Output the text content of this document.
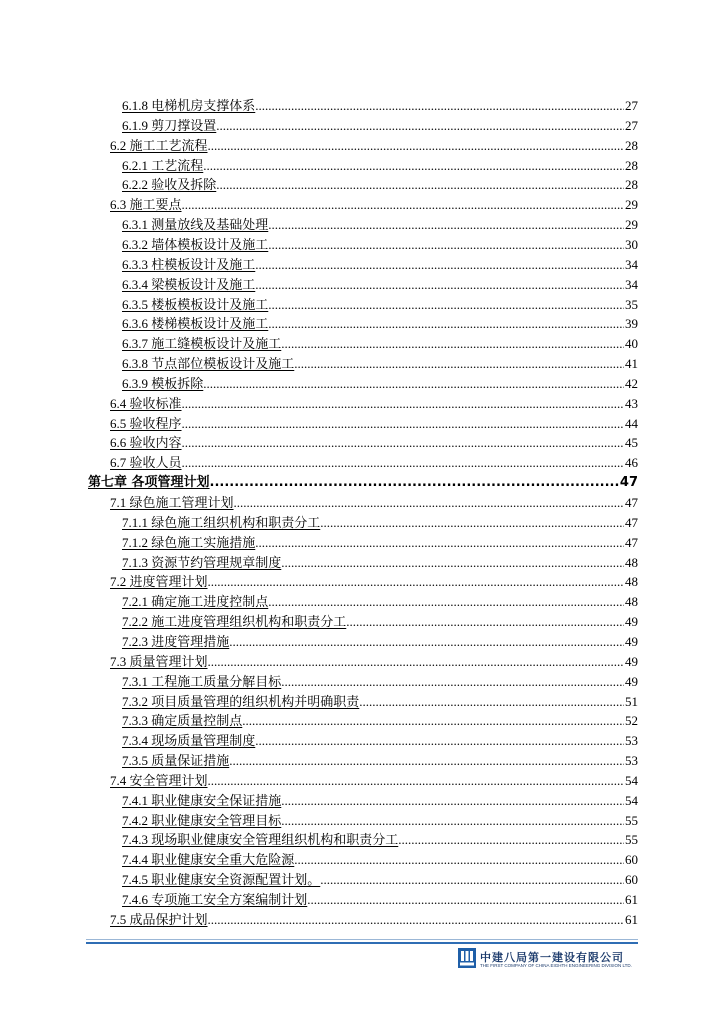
6.1.8 电梯机房支撑体系 .....	27
6.1.9 剪刀撑设置 .....	27
6.2 施工工艺流程 .....	28
6.2.1 工艺流程 .....	28
6.2.2 验收及拆除 .....	28
6.3 施工要点 .....	29
6.3.1 测量放线及基础处理 .....	29
6.3.2 墙体模板设计及施工 .....	30
6.3.3 柱模板设计及施工 .....	34
6.3.4 梁模板设计及施工 .....	34
6.3.5 楼板模板设计及施工 .....	35
6.3.6 楼梯模板设计及施工 .....	39
6.3.7 施工缝模板设计及施工 .....	40
6.3.8 节点部位模板设计及施工 .....	41
6.3.9 模板拆除 .....	42
6.4 验收标准 .....	43
6.5 验收程序 .....	44
6.6 验收内容 .....	45
6.7 验收人员 .....	46
第七章 各项管理计划 .....	47
7.1 绿色施工管理计划 .....	47
7.1.1 绿色施工组织机构和职责分工 .....	47
7.1.2 绿色施工实施措施 .....	47
7.1.3 资源节约管理规章制度 .....	48
7.2 进度管理计划 .....	48
7.2.1 确定施工进度控制点 .....	48
7.2.2 施工进度管理组织机构和职责分工 .....	49
7.2.3 进度管理措施 .....	49
7.3 质量管理计划 .....	49
7.3.1 工程施工质量分解目标 .....	49
7.3.2 项目质量管理的组织机构并明确职责 .....	51
7.3.3 确定质量控制点 .....	52
7.3.4 现场质量管理制度 .....	53
7.3.5 质量保证措施 .....	53
7.4 安全管理计划 .....	54
7.4.1 职业健康安全保证措施 .....	54
7.4.2 职业健康安全管理目标 .....	55
7.4.3 现场职业健康安全管理组织机构和职责分工 .....	55
7.4.4 职业健康安全重大危险源 .....	60
7.4.5 职业健康安全资源配置计划。 .....	60
7.4.6 专项施工安全方案编制计划 .....	61
7.5 成品保护计划 .....	61
中建八局第一建设有限公司
THE FIRST COMPANY OF CHINA EIGHTH ENGINEERING DIVISION LTD.
